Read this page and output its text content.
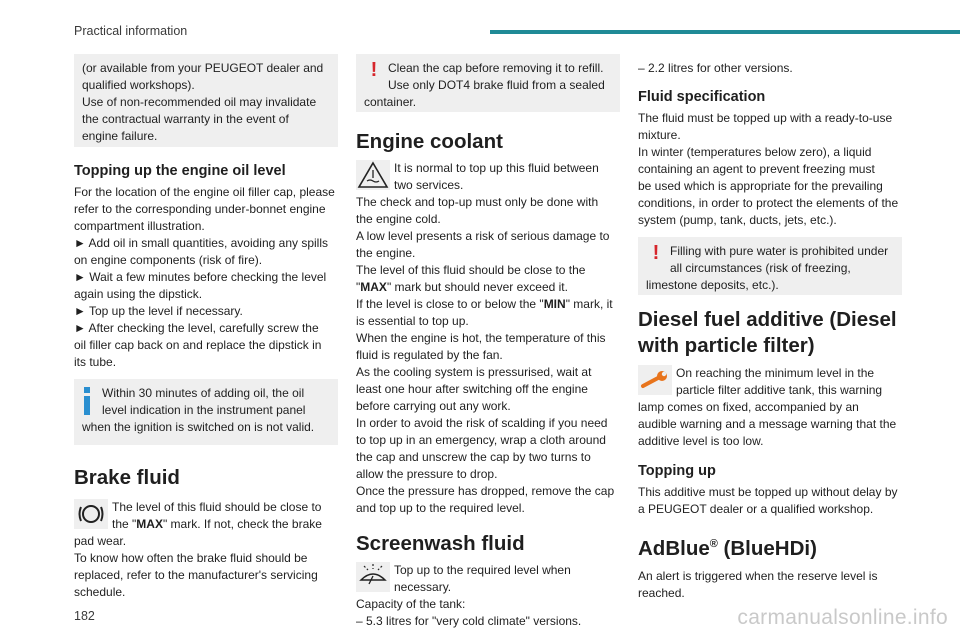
Practical information

(or available from your PEUGEOT dealer and

qualified workshops).

Use of non-recommended oil may invalidate

the contractual warranty in the event of

engine failure.

Topping up the engine oil level

For the location of the engine oil filler cap, please

refer to the corresponding under-bonnet engine

compartment illustration.

► Add oil in small quantities, avoiding any spills

on engine components (risk of fire).

► Wait a few minutes before checking the level

again using the dipstick.

► Top up the level if necessary.

► After checking the level, carefully screw the

oil filler cap back on and replace the dipstick in

its tube.

Within 30 minutes of adding oil, the oil

level indication in the instrument panel

when the ignition is switched on is not valid.

Brake fluid

The level of this fluid should be close to

the "MAX" mark. If not, check the brake

pad wear.

To know how often the brake fluid should be

replaced, refer to the manufacturer's servicing

schedule.

! Clean the cap before removing it to refill.

Use only DOT4 brake fluid from a sealed

container.

Engine coolant

It is normal to top up this fluid between

two services.

The check and top-up must only be done with

the engine cold.

A low level presents a risk of serious damage to

the engine.

The level of this fluid should be close to the

"MAX" mark but should never exceed it.

If the level is close to or below the "MIN" mark, it

is essential to top up.

When the engine is hot, the temperature of this

fluid is regulated by the fan.

As the cooling system is pressurised, wait at

least one hour after switching off the engine

before carrying out any work.

In order to avoid the risk of scalding if you need

to top up in an emergency, wrap a cloth around

the cap and unscrew the cap by two turns to

allow the pressure to drop.

Once the pressure has dropped, remove the cap

and top up to the required level.

Screenwash fluid

Top up to the required level when

necessary.

Capacity of the tank:

– 5.3 litres for "very cold climate" versions.

– 2.2 litres for other versions.

Fluid specification

The fluid must be topped up with a ready-to-use

mixture.

In winter (temperatures below zero), a liquid

containing an agent to prevent freezing must

be used which is appropriate for the prevailing

conditions, in order to protect the elements of the

system (pump, tank, ducts, jets, etc.).

! Filling with pure water is prohibited under

all circumstances (risk of freezing,

limestone deposits, etc.).

Diesel fuel additive (Diesel

with particle filter)

On reaching the minimum level in the

particle filter additive tank, this warning

lamp comes on fixed, accompanied by an

audible warning and a message warning that the

additive level is too low.

Topping up

This additive must be topped up without delay by

a PEUGEOT dealer or a qualified workshop.

AdBlue® (BlueHDi)

An alert is triggered when the reserve level is

reached.

182	carmanualsonline.info
